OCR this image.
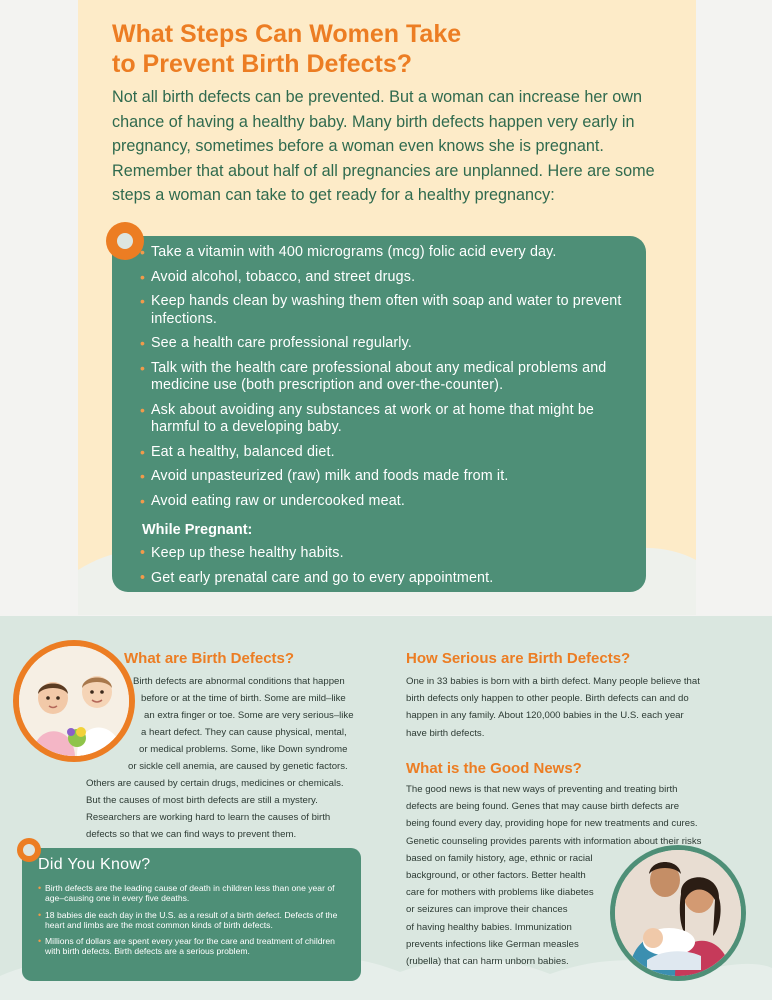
What Steps Can Women Take
to Prevent Birth Defects?

Not all birth defects can be prevented. But a woman can increase her own chance of having a healthy baby. Many birth defects happen very early in pregnancy, sometimes before a woman even knows she is pregnant. Remember that about half of all pregnancies are unplanned. Here are some steps a woman can take to get ready for a healthy pregnancy:

• Take a vitamin with 400 micrograms (mcg) folic acid every day.
• Avoid alcohol, tobacco, and street drugs.
• Keep hands clean by washing them often with soap and water to prevent infections.
• See a health care professional regularly.
• Talk with the health care professional about any medical problems and medicine use (both prescription and over-the-counter).
• Ask about avoiding any substances at work or at home that might be harmful to a developing baby.
• Eat a healthy, balanced diet.
• Avoid unpasteurized (raw) milk and foods made from it.
• Avoid eating raw or undercooked meat.
While Pregnant:
• Keep up these healthy habits.
• Get early prenatal care and go to every appointment.
What are Birth Defects?
Birth defects are abnormal conditions that happen
before or at the time of birth. Some are mild–like
an extra finger or toe. Some are very serious–like
a heart defect. They can cause physical, mental,
or medical problems. Some, like Down syndrome
or sickle cell anemia, are caused by genetic factors.
Others are caused by certain drugs, medicines or chemicals.
But the causes of most birth defects are still a mystery.
Researchers are working hard to learn the causes of birth
defects so that we can find ways to prevent them.
How Serious are Birth Defects?
One in 33 babies is born with a birth defect. Many people believe that
birth defects only happen to other people. Birth defects can and do
happen in any family. About 120,000 babies in the U.S. each year
have birth defects.
What is the Good News?
The good news is that new ways of preventing and treating birth
defects are being found. Genes that may cause birth defects are
being found every day, providing hope for new treatments and cures.
Genetic counseling provides parents with information about their risks
based on family history, age, ethnic or racial
background, or other factors. Better health
care for mothers with problems like diabetes
or seizures can improve their chances
of having healthy babies. Immunization
prevents infections like German measles
(rubella) that can harm unborn babies.
Did You Know?
• Birth defects are the leading cause of death in children less than one year of age–causing one in every five deaths.
• 18 babies die each day in the U.S. as a result of a birth defect. Defects of the heart and limbs are the most common kinds of birth defects.
• Millions of dollars are spent every year for the care and treatment of children with birth defects. Birth defects are a serious problem.
